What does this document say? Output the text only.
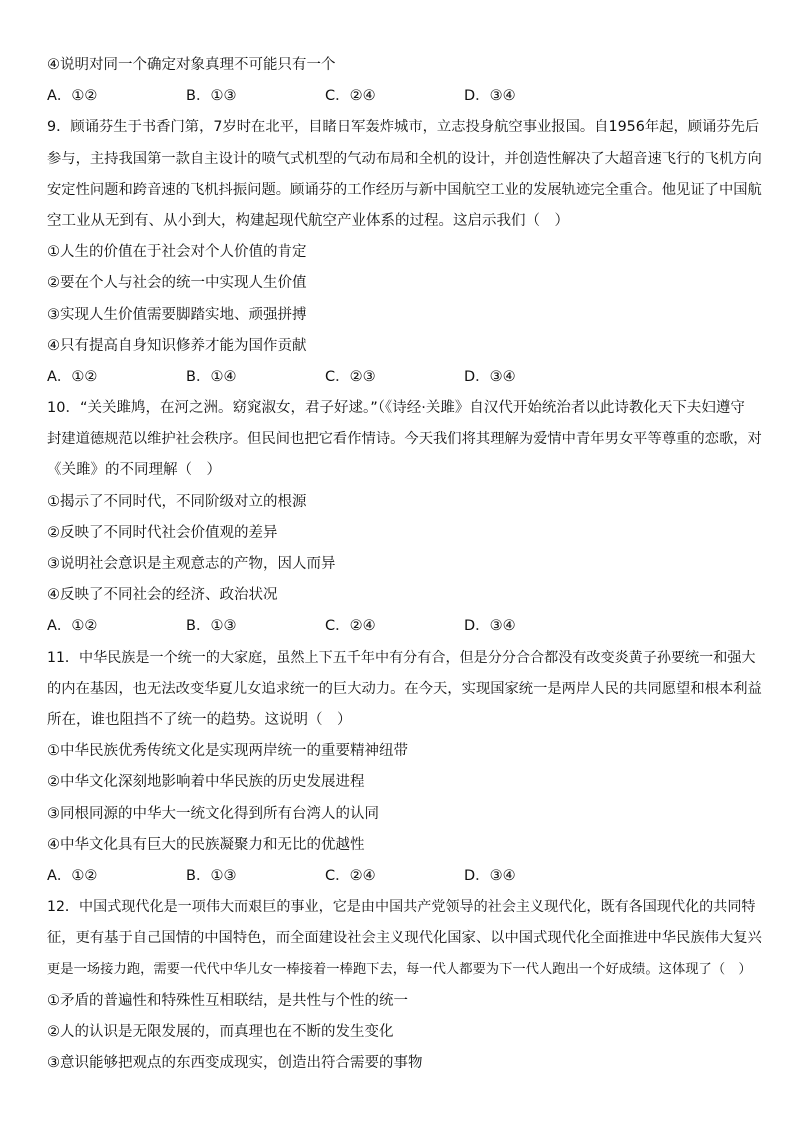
④说明对同一个确定对象真理不可能只有一个
A．①②	B．①③	C．②④	D．③④
9．顾诵芬生于书香门第，7岁时在北平，目睹日军轰炸城市，立志投身航空事业报国。自1956年起，顾诵芬先后
参与，主持我国第一款自主设计的喷气式机型的气动布局和全机的设计，并创造性解决了大超音速飞行的飞机方向
安定性问题和跨音速的飞机抖振问题。顾诵芬的工作经历与新中国航空工业的发展轨迹完全重合。他见证了中国航
空工业从无到有、从小到大，构建起现代航空产业体系的过程。这启示我们（　）
①人生的价值在于社会对个人价值的肯定
②要在个人与社会的统一中实现人生价值
③实现人生价值需要脚踏实地、顽强拼搏
④只有提高自身知识修养才能为国作贡献
A．①②	B．①④	C．②③	D．③④
10．“关关雎鸠，在河之洲。窈窕淑女，君子好逑。”（《诗经·关雎》自汉代开始统治者以此诗教化天下夫妇遵守
封建道德规范以维护社会秩序。但民间也把它看作情诗。今天我们将其理解为爱情中青年男女平等尊重的恋歌，对
《关雎》的不同理解（　）
①揭示了不同时代，不同阶级对立的根源
②反映了不同时代社会价值观的差异
③说明社会意识是主观意志的产物，因人而异
④反映了不同社会的经济、政治状况
A．①②	B．①③	C．②④	D．③④
11．中华民族是一个统一的大家庭，虽然上下五千年中有分有合，但是分分合合都没有改变炎黄子孙要统一和强大
的内在基因，也无法改变华夏儿女追求统一的巨大动力。在今天，实现国家统一是两岸人民的共同愿望和根本利益
所在，谁也阻挡不了统一的趋势。这说明（　）
①中华民族优秀传统文化是实现两岸统一的重要精神纽带
②中华文化深刻地影响着中华民族的历史发展进程
③同根同源的中华大一统文化得到所有台湾人的认同
④中华文化具有巨大的民族凝聚力和无比的优越性
A．①②	B．①③	C．②④	D．③④
12．中国式现代化是一项伟大而艰巨的事业，它是由中国共产党领导的社会主义现代化，既有各国现代化的共同特
征，更有基于自己国情的中国特色，而全面建设社会主义现代化国家、以中国式现代化全面推进中华民族伟大复兴
更是一场接力跑，需要一代代中华儿女一棒接着一棒跑下去，每一代人都要为下一代人跑出一个好成绩。这体现了（　）
①矛盾的普遍性和特殊性互相联结，是共性与个性的统一
②人的认识是无限发展的，而真理也在不断的发生变化
③意识能够把观点的东西变成现实，创造出符合需要的事物
